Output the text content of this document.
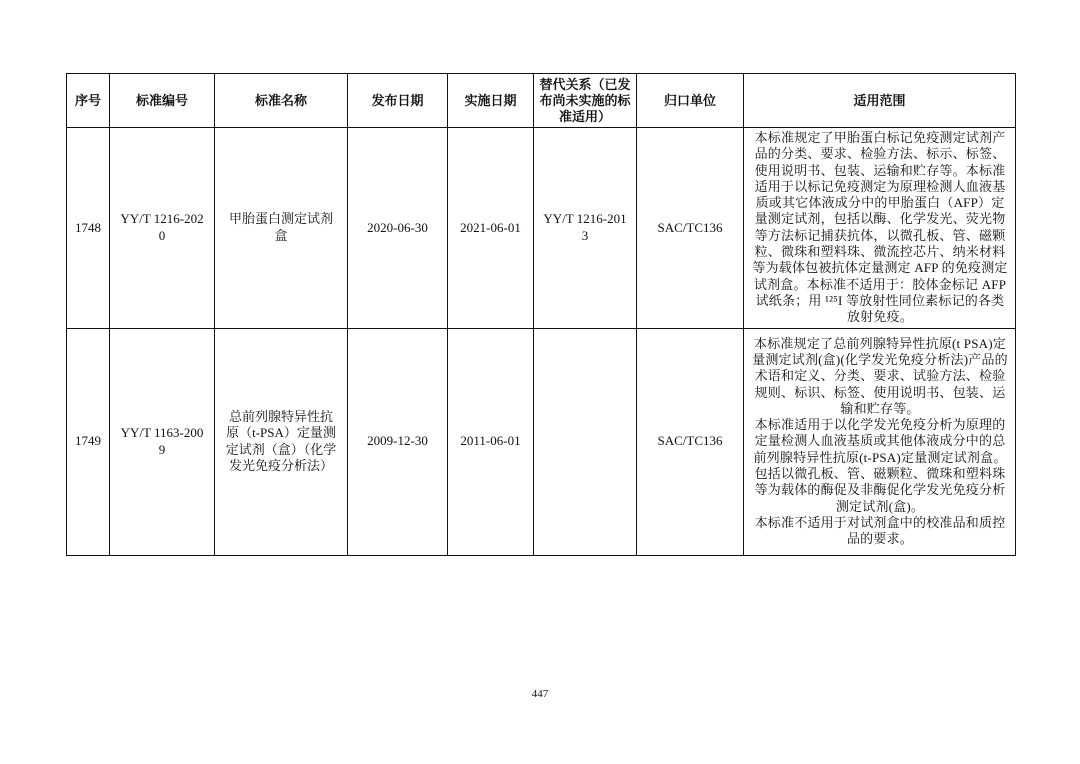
序号	标准编号	标准名称	发布日期	实施日期	替代关系（已发布尚未实施的标准适用）	归口单位	适用范围
1748	YY/T 1216-2020	甲胎蛋白测定试剂盒	2020-06-30	2021-06-01	YY/T 1216-2013	SAC/TC136	本标准规定了甲胎蛋白标记免疫测定试剂产品的分类、要求、检验方法、标示、标签、使用说明书、包装、运输和贮存等。本标准适用于以标记免疫测定为原理检测人血液基质或其它体液成分中的甲胎蛋白（AFP）定量测定试剂，包括以酶、化学发光、荧光物等方法标记捕获抗体，以微孔板、管、磁颗粒、微珠和塑料珠、微流控芯片、纳米材料等为载体包被抗体定量测定 AFP 的免疫测定试剂盒。本标准不适用于：胶体金标记 AFP 试纸条；用 ¹²⁵I 等放射性同位素标记的各类放射免疫。

1749	YY/T 1163-2009	总前列腺特异性抗原（t-PSA）定量测定试剂（盒）（化学发光免疫分析法）	2009-12-30	2011-06-01		SAC/TC136	本标准规定了总前列腺特异性抗原(t PSA)定量测定试剂(盒)(化学发光免疫分析法)产品的术语和定义、分类、要求、试验方法、检验规则、标识、标签、使用说明书、包装、运输和贮存等。
本标准适用于以化学发光免疫分析为原理的定量检测人血液基质或其他体液成分中的总前列腺特异性抗原(t-PSA)定量测定试剂盒。包括以微孔板、管、磁颗粒、微珠和塑料珠等为载体的酶促及非酶促化学发光免疫分析测定试剂(盒)。
本标准不适用于对试剂盒中的校准品和质控品的要求。
447
